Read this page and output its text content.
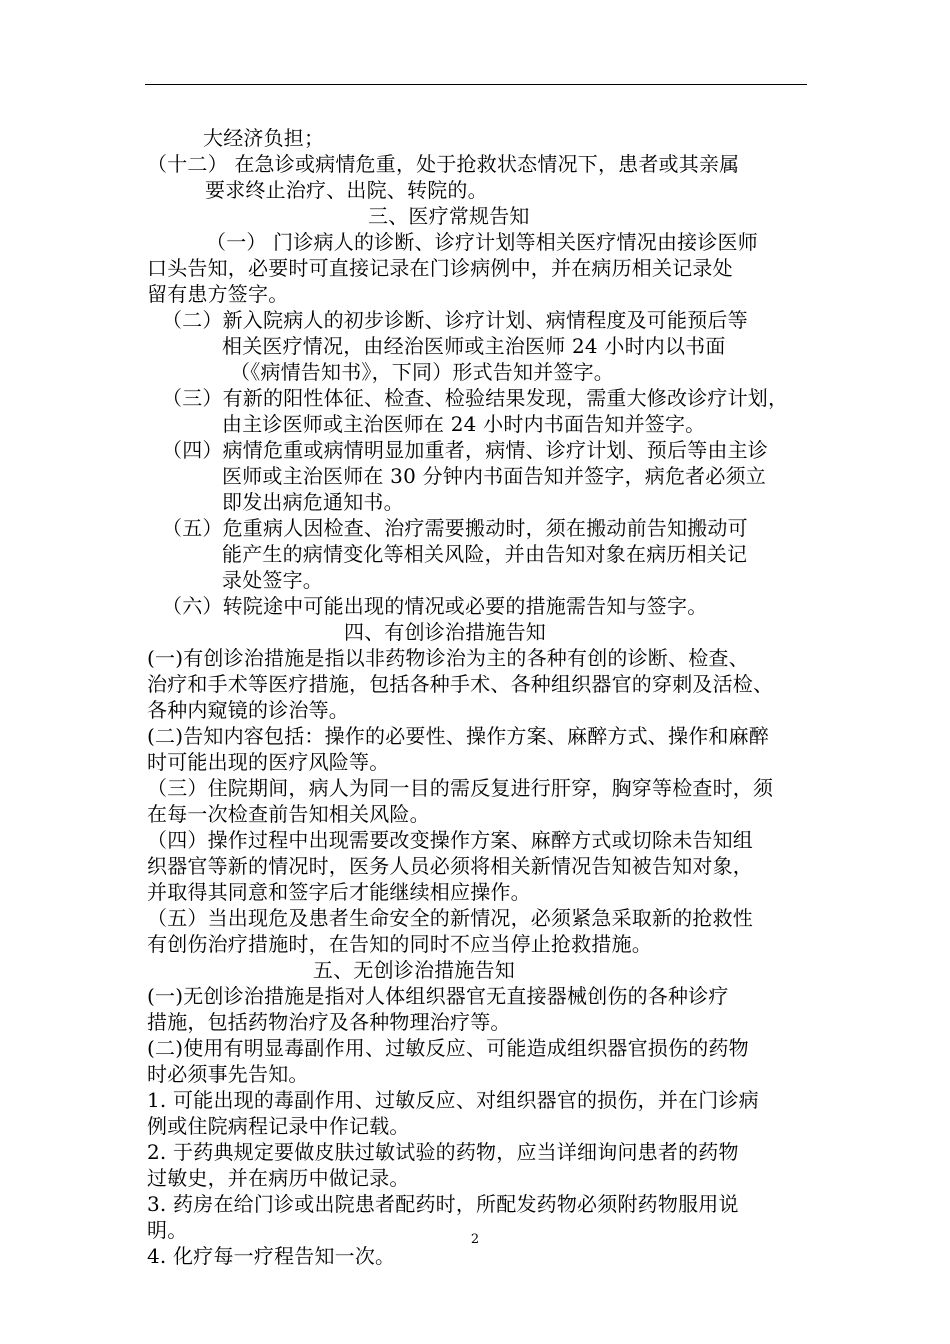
大经济负担；
（十二） 在急诊或病情危重，处于抢救状态情况下，患者或其亲属
要求终止治疗、出院、转院的。
三、医疗常规告知
（一） 门诊病人的诊断、诊疗计划等相关医疗情况由接诊医师
口头告知，必要时可直接记录在门诊病例中，并在病历相关记录处
留有患方签字。
（二）新入院病人的初步诊断、诊疗计划、病情程度及可能预后等
相关医疗情况，由经治医师或主治医师 24 小时内以书面
（《病情告知书》，下同）形式告知并签字。
（三）有新的阳性体征、检查、检验结果发现，需重大修改诊疗计划，
由主诊医师或主治医师在 24 小时内书面告知并签字。
（四）病情危重或病情明显加重者，病情、诊疗计划、预后等由主诊
医师或主治医师在 30 分钟内书面告知并签字，病危者必须立
即发出病危通知书。
（五）危重病人因检查、治疗需要搬动时，须在搬动前告知搬动可
能产生的病情变化等相关风险，并由告知对象在病历相关记
录处签字。
（六）转院途中可能出现的情况或必要的措施需告知与签字。
四、有创诊治措施告知
(一)有创诊治措施是指以非药物诊治为主的各种有创的诊断、检查、
治疗和手术等医疗措施，包括各种手术、各种组织器官的穿刺及活检、
各种内窥镜的诊治等。
(二)告知内容包括：操作的必要性、操作方案、麻醉方式、操作和麻醉
时可能出现的医疗风险等。
（三）住院期间，病人为同一目的需反复进行肝穿，胸穿等检查时，须
在每一次检查前告知相关风险。
（四）操作过程中出现需要改变操作方案、麻醉方式或切除未告知组
织器官等新的情况时，医务人员必须将相关新情况告知被告知对象，
并取得其同意和签字后才能继续相应操作。
（五）当出现危及患者生命安全的新情况，必须紧急采取新的抢救性
有创伤治疗措施时，在告知的同时不应当停止抢救措施。
五、无创诊治措施告知
(一)无创诊治措施是指对人体组织器官无直接器械创伤的各种诊疗
措施，包括药物治疗及各种物理治疗等。
(二)使用有明显毒副作用、过敏反应、可能造成组织器官损伤的药物
时必须事先告知。
1. 可能出现的毒副作用、过敏反应、对组织器官的损伤，并在门诊病
例或住院病程记录中作记载。
2. 于药典规定要做皮肤过敏试验的药物，应当详细询问患者的药物
过敏史，并在病历中做记录。
3. 药房在给门诊或出院患者配药时，所配发药物必须附药物服用说
明。
4. 化疗每一疗程告知一次。
2
